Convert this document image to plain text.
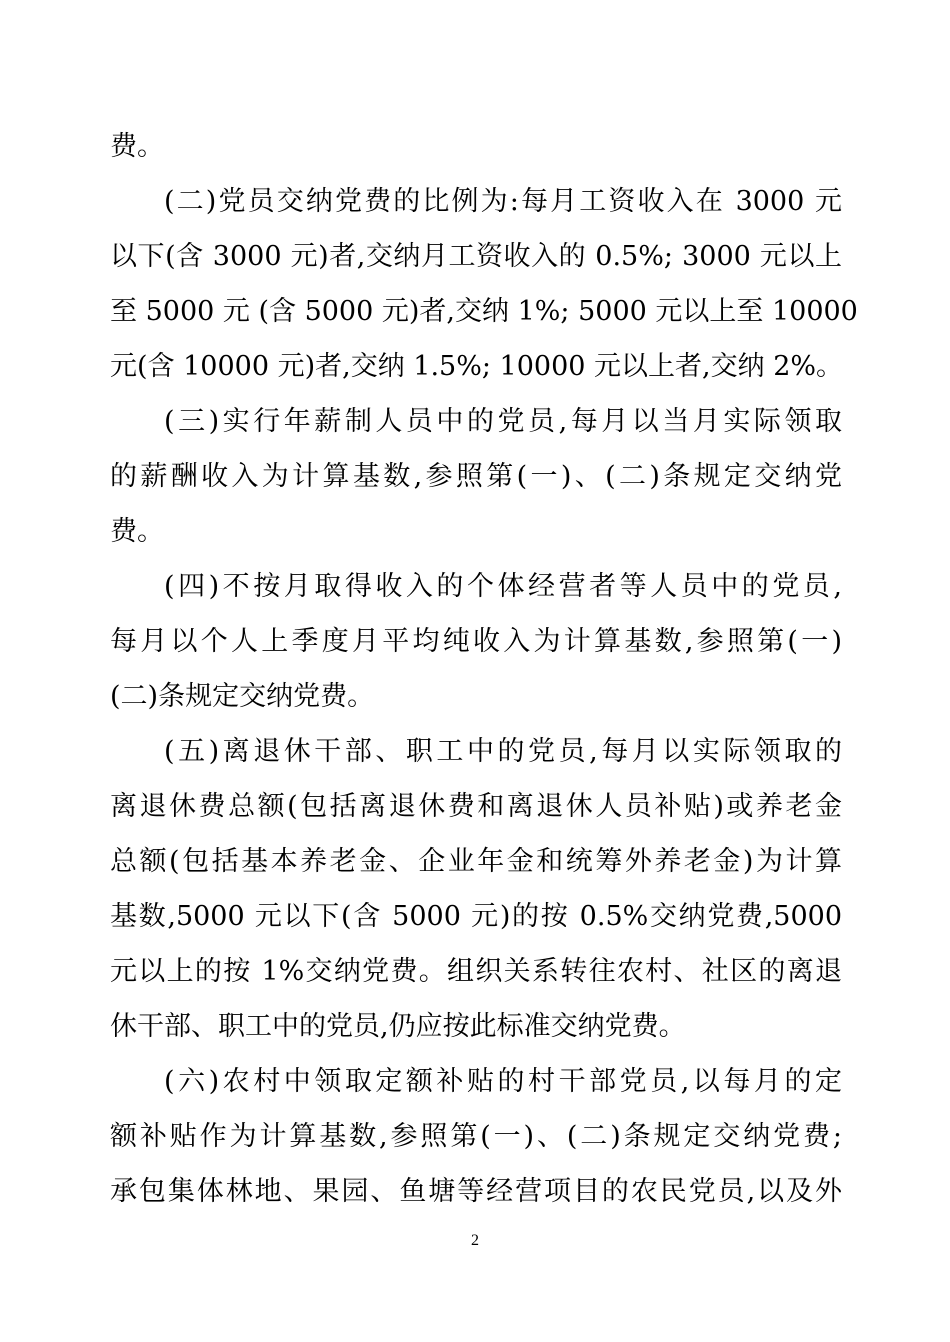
费。
(二)党员交纳党费的比例为:每月工资收入在 3000 元
以下(含 3000 元)者,交纳月工资收入的 0.5%; 3000 元以上
至 5000 元 (含 5000 元)者,交纳 1%; 5000 元以上至 10000
元(含 10000 元)者,交纳 1.5%; 10000 元以上者,交纳 2%。
(三)实行年薪制人员中的党员,每月以当月实际领取
的薪酬收入为计算基数,参照第(一)、(二)条规定交纳党
费。
(四)不按月取得收入的个体经营者等人员中的党员,
每月以个人上季度月平均纯收入为计算基数,参照第(一)
(二)条规定交纳党费。
(五)离退休干部、职工中的党员,每月以实际领取的
离退休费总额(包括离退休费和离退休人员补贴)或养老金
总额(包括基本养老金、企业年金和统筹外养老金)为计算
基数,5000 元以下(含 5000 元)的按 0.5%交纳党费,5000
元以上的按 1%交纳党费。组织关系转往农村、社区的离退
休干部、职工中的党员,仍应按此标准交纳党费。
(六)农村中领取定额补贴的村干部党员,以每月的定
额补贴作为计算基数,参照第(一)、(二)条规定交纳党费;
承包集体林地、果园、鱼塘等经营项目的农民党员,以及外
2
